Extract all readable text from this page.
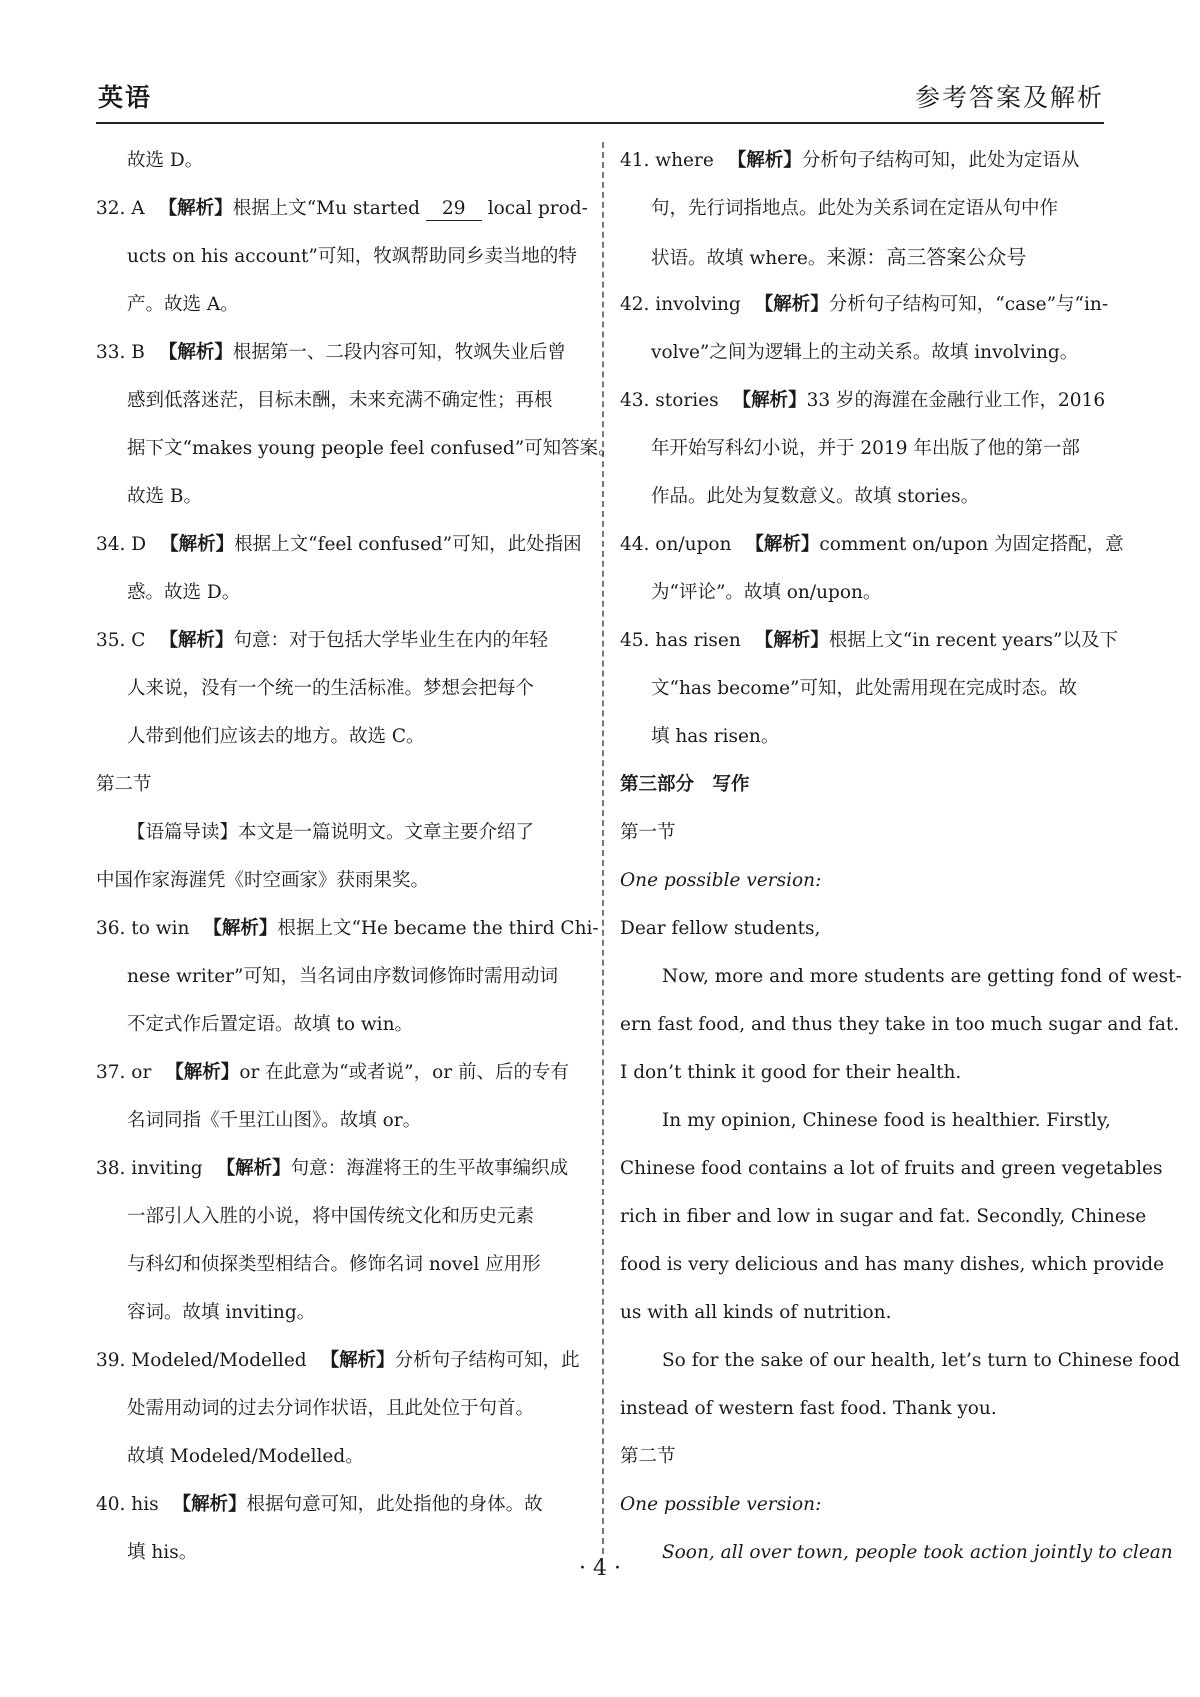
英语	参考答案及解析
故选 D。
32. A 【解析】根据上文“Mu started 29 local prod-
ucts on his account”可知，牧飒帮助同乡卖当地的特
产。故选 A。
33. B 【解析】根据第一、二段内容可知，牧飒失业后曾
感到低落迷茫，目标未酬，未来充满不确定性；再根
据下文“makes young people feel confused”可知答案。
故选 B。
34. D 【解析】根据上文“feel confused”可知，此处指困
惑。故选 D。
35. C 【解析】句意：对于包括大学毕业生在内的年轻
人来说，没有一个统一的生活标准。梦想会把每个
人带到他们应该去的地方。故选 C。
第二节
【语篇导读】本文是一篇说明文。文章主要介绍了
中国作家海漄凭《时空画家》获雨果奖。
36. to win 【解析】根据上文“He became the third Chi-
nese writer”可知，当名词由序数词修饰时需用动词
不定式作后置定语。故填 to win。
37. or 【解析】or 在此意为“或者说”，or 前、后的专有
名词同指《千里江山图》。故填 or。
38. inviting 【解析】句意：海漄将王的生平故事编织成
一部引人入胜的小说，将中国传统文化和历史元素
与科幻和侦探类型相结合。修饰名词 novel 应用形
容词。故填 inviting。
39. Modeled/Modelled 【解析】分析句子结构可知，此
处需用动词的过去分词作状语，且此处位于句首。
故填 Modeled/Modelled。
40. his 【解析】根据句意可知，此处指他的身体。故
填 his。
41. where 【解析】分析句子结构可知，此处为定语从
句，先行词指地点。此处为关系词在定语从句中作
状语。故填 where。来源：高三答案公众号
42. involving 【解析】分析句子结构可知，“case”与“in-
volve”之间为逻辑上的主动关系。故填 involving。
43. stories 【解析】33 岁的海漄在金融行业工作，2016
年开始写科幻小说，并于 2019 年出版了他的第一部
作品。此处为复数意义。故填 stories。
44. on/upon 【解析】comment on/upon 为固定搭配，意
为“评论”。故填 on/upon。
45. has risen 【解析】根据上文“in recent years”以及下
文“has become”可知，此处需用现在完成时态。故
填 has risen。
第三部分　写作
第一节
One possible version:
Dear fellow students,
Now, more and more students are getting fond of west-
ern fast food, and thus they take in too much sugar and fat.
I don’t think it good for their health.
In my opinion, Chinese food is healthier. Firstly,
Chinese food contains a lot of fruits and green vegetables
rich in fiber and low in sugar and fat. Secondly, Chinese
food is very delicious and has many dishes, which provide
us with all kinds of nutrition.
So for the sake of our health, let’s turn to Chinese food
instead of western fast food. Thank you.
第二节
One possible version:
Soon, all over town, people took action jointly to clean
· 4 ·
